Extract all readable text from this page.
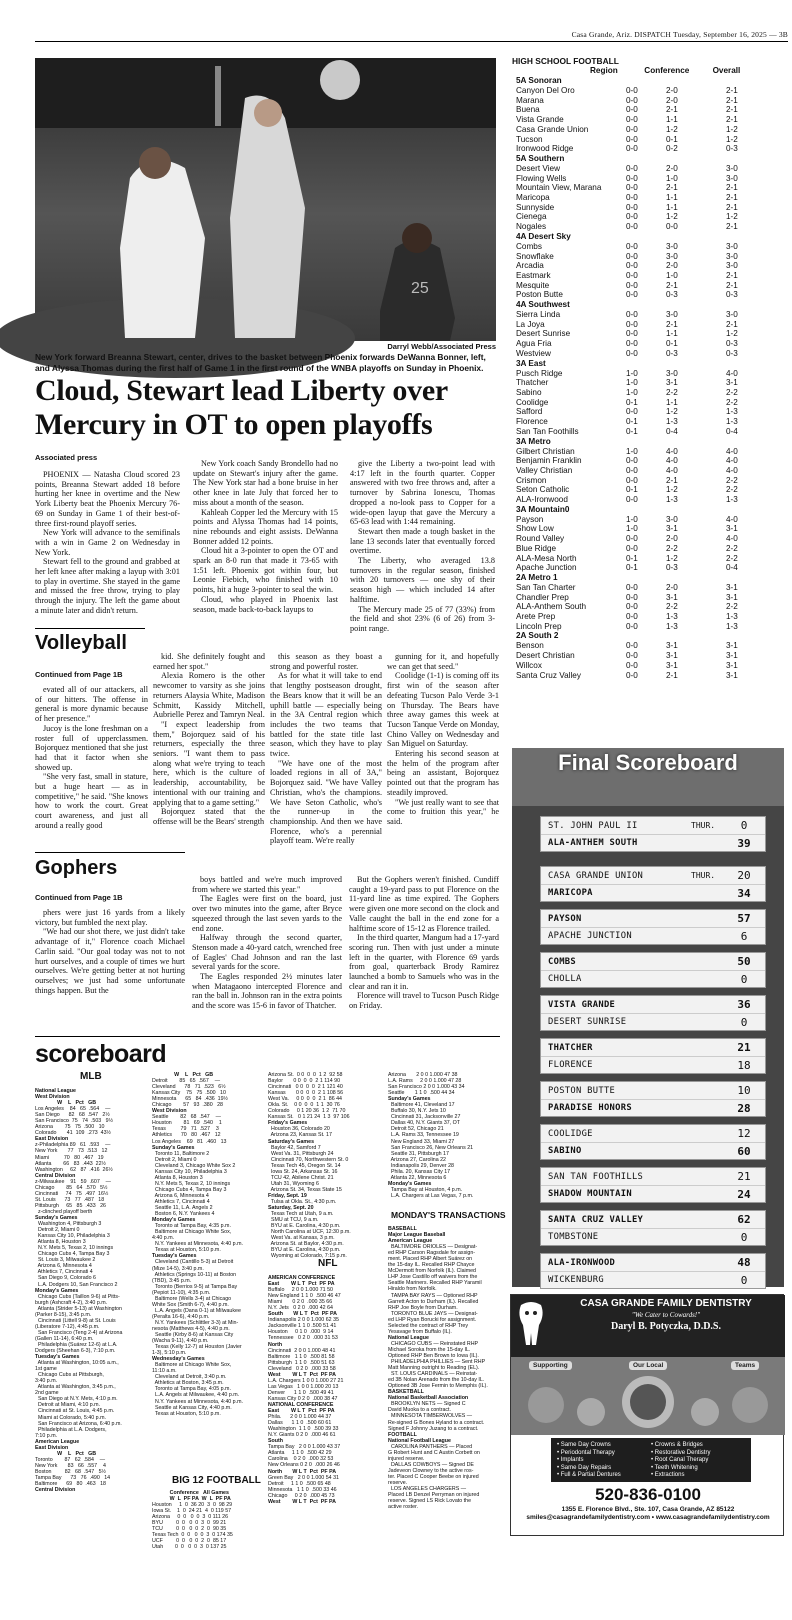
Casa Grande, Ariz. DISPATCH Tuesday, September 16, 2025 — 3B
25
Darryl Webb/Associated Press
New York forward Breanna Stewart, center, drives to the basket between Phoenix forwards DeWanna Bonner, left, and Alyssa Thomas during the first half of Game 1 in the first round of the WNBA playoffs on Sunday in Phoenix.
Cloud, Stewart lead Liberty over Mercury in OT to open playoffs
Associated press

PHOENIX — Natasha Cloud scored 23 points, Breanna Stewart added 18 before hurting her knee in overtime and the New York Liberty beat the Phoenix Mercury 76-69 on Sunday in Game 1 of their best-of-three first-round playoff series.

New York will advance to the semifinals with a win in Game 2 on Wednesday in New York.

Stewart fell to the ground and grabbed at her left knee after making a layup with 3:01 to play in overtime. She stayed in the game and missed the free throw, trying to play through the injury. The left the game about a minute later and didn't return.

New York coach Sandy Brondello had no update on Stewart's injury after the game. The New York star had a bone bruise in her other knee in late July that forced her to miss about a month of the season.

Kahleah Copper led the Mercury with 15 points and Alyssa Thomas had 14 points, nine rebounds and eight assists. DeWanna Bonner added 12 points.

Cloud hit a 3-pointer to open the OT and spark an 8-0 run that made it 73-65 with 1:51 left. Phoenix got within four, but Leonie Fiebich, who finished with 10 points, hit a huge 3-pointer to seal the win.

Cloud, who played in Phoenix last season, made back-to-back layups to

give the Liberty a two-point lead with 4:17 left in the fourth quarter. Copper answered with two free throws and, after a turnover by Sabrina Ionescu, Thomas dropped a no-look pass to Copper for a wide-open layup that gave the Mercury a 65-63 lead with 1:44 remaining.

Stewart then made a tough basket in the lane 13 seconds later that eventually forced overtime.

The Liberty, who averaged 13.8 turnovers in the regular season, finished with 20 turnovers — one shy of their season high — which included 14 after halftime.

The Mercury made 25 of 77 (33%) from the field and shot 23% (6 of 26) from 3-point range.

Volleyball
Continued from Page 1B

evated all of our attackers, all of our hitters. The offense in general is more dynamic because of her presence."

Jucoy is the lone freshman on a roster full of upperclassmen. Bojorquez mentioned that she just had that it factor when she showed up.

"She very fast, small in stature, but a huge heart — as in competitive," he said. "She knows how to work the court. Great court awareness, and just all around a really good

kid. She definitely fought and earned her spot."

Alexia Romero is the other newcomer to varsity as she joins returners Alaysia White, Madison Schmitt, Kassidy Mitchell, Aubrielle Perez and Tamryn Neal.

"I expect leadership from them," Bojorquez said of his returners, especially the three seniors. "I want them to pass along what we're trying to teach here, which is the culture of leadership, accountability, be intentional with our training and applying that to a game setting."

Bojorquez stated that the offense will be the Bears' strength

this season as they boast a strong and powerful roster.

As for what it will take to end that lengthy postseason drought, the Bears know that it will be an uphill battle — especially being in the 3A Central region which includes the two teams that battled for the state title last season, which they have to play twice.

"We have one of the most loaded regions in all of 3A," Bojorquez said. "We have Valley Christian, who's the champions. We have Seton Catholic, who's the runner-up in the championship. And then we have Florence, who's a perennial playoff team. We're really

gunning for it, and hopefully we can get that seed."

Coolidge (1-1) is coming off its first win of the season after defeating Tucson Palo Verde 3-1 on Thursday. The Bears have three away games this week at Tucson Tanque Verde on Monday, Chino Valley on Wednesday and San Miguel on Saturday.

Entering his second season at the helm of the program after being an assistant, Bojorquez pointed out that the program has steadily improved.

"We just really want to see that come to fruition this year," he said.

Gophers
Continued from Page 1B

phers were just 16 yards from a likely victory, but fumbled the next play.

"We had our shot there, we just didn't take advantage of it," Florence coach Michael Carlin said. "Our goal today was not to not hurt ourselves, and a couple of times we hurt ourselves. We're getting better at not hurting ourselves; we just had some unfortunate things happen. But the

boys battled and we're much improved from where we started this year."

The Eagles were first on the board, just over two minutes into the game, after Bryce squeezed through the last seven yards to the end zone.

Halfway through the second quarter, Stenson made a 40-yard catch, wrenched free of Eagles' Chad Johnson and ran the last several yards for the score.

The Eagles responded 2½ minutes later when Matagaono intercepted Florence and ran the ball in. Johnson ran in the extra points and the score was 15-6 in favor of Thatcher.

But the Gophers weren't finished. Cundiff caught a 19-yard pass to put Florence on the 11-yard line as time expired. The Gophers were given one more second on the clock and Valle caught the ball in the end zone for a halftime score of 15-12 as Florence trailed.

In the third quarter, Mangum had a 17-yard scoring run. Then with just under a minute left in the quarter, with Florence 69 yards from goal, quarterback Brody Ramirez launched a bomb to Samuels who was in the clear and ran it in.

Florence will travel to Tucson Pusch Ridge on Friday.

HIGH SCHOOL FOOTBALL
Region	Conference	Overall
5A Sonoran
Canyon Del Oro	0-0	2-0	2-1
Marana	0-0	2-0	2-1
Buena	0-0	2-1	2-1
Vista Grande	0-0	1-1	2-1
Casa Grande Union	0-0	1-2	1-2
Tucson	0-0	0-1	1-2
Ironwood Ridge	0-0	0-2	0-3
5A Southern
Desert View	0-0	2-0	3-0
Flowing Wells	0-0	1-0	3-0
Mountain View, Marana	0-0	2-1	2-1
Maricopa	0-0	1-1	2-1
Sunnyside	0-0	1-1	2-1
Cienega	0-0	1-2	1-2
Nogales	0-0	0-0	2-1
4A Desert Sky
Combs	0-0	3-0	3-0
Snowflake	0-0	3-0	3-0
Arcadia	0-0	2-0	3-0
Eastmark	0-0	1-0	2-1
Mesquite	0-0	2-1	2-1
Poston Butte	0-0	0-3	0-3
4A Southwest
Sierra Linda	0-0	3-0	3-0
La Joya	0-0	2-1	2-1
Desert Sunrise	0-0	1-1	1-2
Agua Fria	0-0	0-1	0-3
Westview	0-0	0-3	0-3
3A East
Pusch Ridge	1-0	3-0	4-0
Thatcher	1-0	3-1	3-1
Sabino	1-0	2-2	2-2
Coolidge	0-1	1-1	2-2
Safford	0-0	1-2	1-3
Florence	0-1	1-3	1-3
San Tan Foothills	0-1	0-4	0-4
3A Metro
Gilbert Christian	1-0	4-0	4-0
Benjamin Franklin	0-0	4-0	4-0
Valley Christian	0-0	4-0	4-0
Crismon	0-0	2-1	2-2
Seton Catholic	0-1	1-2	2-2
ALA-Ironwood	0-0	1-3	1-3
3A Mountain0
Payson	1-0	3-0	4-0
Show Low	1-0	3-1	3-1
Round Valley	0-0	2-0	4-0
Blue Ridge	0-0	2-2	2-2
ALA-Mesa North	0-1	1-2	2-2
Apache Junction	0-1	0-3	0-4
2A Metro 1
San Tan Charter	0-0	2-0	3-1
Chandler Prep	0-0	3-1	3-1
ALA-Anthem South	0-0	2-2	2-2
Arete Prep	0-0	1-3	1-3
Lincoln Prep	0-0	1-3	1-3
2A South 2
Benson	0-0	3-1	3-1
Desert Christian	0-0	3-1	3-1
Willcox	0-0	3-1	3-1
Santa Cruz Valley	0-0	2-1	3-1
Final Scoreboard
ST. JOHN PAUL II	THUR.	0
ALA-ANTHEM SOUTH	39
CASA GRANDE UNION	THUR.	20
MARICOPA	34
PAYSON	57
APACHE JUNCTION	6
COMBS	50
CHOLLA	0
VISTA GRANDE	36
DESERT SUNRISE	0
THATCHER	21
FLORENCE	18
POSTON BUTTE	10
PARADISE HONORS	28
COOLIDGE	12
SABINO	60
SAN TAN FOOTHILLS	21
SHADOW MOUNTAIN	24
SANTA CRUZ VALLEY	62
TOMBSTONE	0
ALA-IRONWOOD	48
WICKENBURG	0
scoreboard
MLB
National League
West Division
W    L   Pct   GB
Los Angeles    84   65  .564    —
San Diego      82   68  .547   2½
San Francisco  75   74  .503   9½
Arizona        75   75  .500   10
Colorado       41  109  .273  43½
East Division
z-Philadelphia 89   61  .593    —
New York       77   73  .513   12
Miami          70   80  .467   19
Atlanta        66   83  .443  22½
Washington     62   87  .416  26½
Central Division
z-Milwaukee    91   59  .607    —
Chicago        85   64  .570   5½
Cincinnati     74   75  .497  16½
St. Louis      73   77  .487   18
Pittsburgh     65   85  .433   26
z-clinched playoff berth
Sunday's Games
Washington 4, Pittsburgh 3
Detroit 2, Miami 0
Kansas City 10, Philadelphia 3
Atlanta 8, Houston 3
N.Y. Mets 5, Texas 2, 10 innings
Chicago Cubs 4, Tampa Bay 3
St. Louis 3, Milwaukee 2
Arizona 6, Minnesota 4
Athletics 7, Cincinnati 4
San Diego 9, Colorado 6
L.A. Dodgers 10, San Francisco 2
Monday's Games
Chicago Cubs (Taillon 9-6) at Pitts-
burgh (Ashcraft 4-2), 3:40 p.m.
Atlanta (Strider 5-13) at Washington
(Parker 8-15), 3:45 p.m.
Cincinnati (Littell 9-8) at St. Louis
(Liberatore 7-12), 4:45 p.m.
San Francisco (Teng 2-4) at Arizona
(Gallen 11-14), 6:40 p.m.
Philadelphia (Suárez 12-6) at L.A.
Dodgers (Sheehan 6-3), 7:10 p.m.
Tuesday's Games
Atlanta at Washington, 10:05 a.m.,
1st game
Chicago Cubs at Pittsburgh,
3:40 p.m.
Atlanta at Washington, 3:45 p.m.,
2nd game
San Diego at N.Y. Mets, 4:10 p.m.
Detroit at Miami, 4:10 p.m.
Cincinnati at St. Louis, 4:45 p.m.
Miami at Colorado, 5:40 p.m.
San Francisco at Arizona, 6:40 p.m.
Philadelphia at L.A. Dodgers,
7:10 p.m.
American League
East Division
W    L   Pct   GB
Toronto        87   62  .584    —
New York       83   66  .557    4
Boston         82   68  .547   5½
Tampa Bay      73   76  .490   14
Baltimore      69   80  .463   18
Central Division
W    L   Pct   GB
Detroit        85   65  .567    —
Cleveland      78   71  .523   6½
Kansas City    75   75  .500   10
Minnesota      65   84  .436  19½
Chicago        57   93  .380   28
West Division
Seattle        82   68  .547    —
Houston        81   69  .540    1
Texas          79   71  .527    3
Athletics      70   80  .467   12
Los Angeles    69   81  .460   13
Sunday's Games
Toronto 11, Baltimore 2
Detroit 2, Miami 0
Cleveland 3, Chicago White Sox 2
Kansas City 10, Philadelphia 3
Atlanta 8, Houston 3
N.Y. Mets 5, Texas 2, 10 innings
Chicago Cubs 4, Tampa Bay 3
Arizona 6, Minnesota 4
Athletics 7, Cincinnati 4
Seattle 11, L.A. Angels 2
Boston 6, N.Y. Yankees 4
Monday's Games
Toronto at Tampa Bay, 4:35 p.m.
Baltimore at Chicago White Sox,
4:40 p.m.
N.Y. Yankees at Minnesota, 4:40 p.m.
Texas at Houston, 5:10 p.m.
Tuesday's Games
Cleveland (Cantillo 5-3) at Detroit
(Mize 14-5), 3:40 p.m.
Athletics (Springs 10-11) at Boston
(TBD), 3:45 p.m.
Toronto (Berrios 9-5) at Tampa Bay
(Pepiot 11-10), 4:35 p.m.
Baltimore (Wells 3-4) at Chicago
White Sox (Smith 6-7), 4:40 p.m.
L.A. Angels (Dana 0-1) at Milwaukee
(Peralta 16-6), 4:40 p.m.
N.Y. Yankees (Schlittler 3-3) at Min-
nesota (Matthews 4-5), 4:40 p.m.
Seattle (Kirby 8-6) at Kansas City
(Wacha 9-11), 4:40 p.m.
Texas (Kelly 12-7) at Houston (Javier
1-3), 5:10 p.m.
Wednesday's Games
Baltimore at Chicago White Sox,
11:10 a.m.
Cleveland at Detroit, 3:40 p.m.
Athletics at Boston, 3:45 p.m.
Toronto at Tampa Bay, 4:05 p.m.
L.A. Angels at Milwaukee, 4:40 p.m.
N.Y. Yankees at Minnesota, 4:40 p.m.
Seattle at Kansas City, 4:40 p.m.
Texas at Houston, 5:10 p.m.
BIG 12 FOOTBALL
Conference   All Games
W  L  PF PA  W  L  PF PA
Houston     1  0  36 20  3  0  98 29
Iowa St.    1  0  24 21  4  0 119 57
Arizona     0  0   0  0  3  0 111 26
BYU         0  0   0  0  3  0  99 21
TCU         0  0   0  0  2  0  90 35
Texas Tech  0  0   0  0  3  0 174 35
UCF         0  0   0  0  2  0  85 17
Utah        0  0   0  0  3  0 137 25
Arizona St.  0 0  0  0  1 2  92 58
Baylor       0 0  0  0  2 1 114 90
Cincinnati   0 0  0  0  2 1 121 40
Kansas       0 0  0  0  2 1 108 56
West Va.     0 0  0  0  2 1  86 44
Okla. St.    0 0  0  0  1 1  30 76
Colorado     0 1 20 36  1 2  71 70
Kansas St.   0 1 21 24  1 3  97 106
Friday's Games
Houston 36, Colorado 20
Arizona 23, Kansas St. 17
Saturday's Games
Baylor 42, Samford 7
West Va. 31, Pittsburgh 24
Cincinnati 70, Northwestern St. 0
Texas Tech 45, Oregon St. 14
Iowa St. 24, Arkansas St. 16
TCU 42, Abilene Christ. 21
Utah 31, Wyoming 6
Arizona St. 34, Texas State 15
Friday, Sept. 19
Tulsa at Okla. St., 4:30 p.m.
Saturday, Sept. 20
Texas Tech at Utah, 9 a.m.
SMU at TCU, 9 a.m.
BYU at E. Carolina, 4:30 p.m.
North Carolina at UCF, 12:30 p.m.
West Va. at Kansas, 3 p.m.
Arizona St. at Baylor, 4:30 p.m.
BYU at E. Carolina, 4:30 p.m.
Wyoming at Colorado, 7:15 p.m.
NFL
AMERICAN CONFERENCE
East        W L T  Pct  PF PA
Buffalo     2 0 0 1.000 71 50
New England 1 1 0  .500 46 47
Miami       0 2 0  .000 35 66
N.Y. Jets   0 2 0  .000 42 64
South       W L T  Pct  PF PA
Indianapolis 2 0 0 1.000 62 35
Jacksonville 1 1 0 .500 51 41
Houston     0 1 0  .000  9 14
Tennessee   0 2 0  .000 31 53
North
Cincinnati  2 0 0 1.000 48 41
Baltimore   1 1 0  .500 81 58
Pittsburgh  1 1 0  .500 51 63
Cleveland   0 2 0  .000 33 58
West        W L T  Pct  PF PA
L.A. Chargers 1 0 0 1.000 27 21
Las Vegas   1 0 0 1.000 20 13
Denver      1 1 0  .500 49 41
Kansas City 0 2 0  .000 38 47
NATIONAL CONFERENCE
East        W L T  Pct  PF PA
Phila.      2 0 0 1.000 44 37
Dallas      1 1 0  .500 60 61
Washington  1 1 0  .500 39 33
N.Y. Giants 0 2 0  .000 46 61
South
Tampa Bay   2 0 0 1.000 43 37
Atlanta     1 1 0  .500 42 29
Carolina    0 2 0  .000 32 53
New Orleans 0 2 0  .000 26 46
North       W L T  Pct  PF PA
Green Bay   2 0 0 1.000 54 31
Detroit     1 1 0  .500 65 48
Minnesota   1 1 0  .500 33 46
Chicago     0 2 0  .000 45 73
West        W L T  Pct  PF PA
Arizona       2 0 0 1.000 47 38
L.A. Rams     2 0 0 1.000 47 28
San Francisco 2 0 0 1.000 43 34
Seattle       1 1 0  .500 44 34
Sunday's Games
Baltimore 41, Cleveland 17
Buffalo 30, N.Y. Jets 10
Cincinnati 31, Jacksonville 27
Dallas 40, N.Y. Giants 37, OT
Detroit 52, Chicago 21
L.A. Rams 33, Tennessee 19
New England 33, Miami 27
San Francisco 26, New Orleans 21
Seattle 31, Pittsburgh 17
Arizona 27, Carolina 22
Indianapolis 29, Denver 28
Phila. 20, Kansas City 17
Atlanta 22, Minnesota 6
Monday's Games
Tampa Bay at Houston, 4 p.m.
L.A. Chargers at Las Vegas, 7 p.m.
MONDAY'S TRANSACTIONS
BASEBALL
Major League Baseball
American League
BALTIMORE ORIOLES — Designat-
ed RHP Carson Ragsdale for assign-
ment. Placed RHP Albert Suárez on
the 15-day IL. Recalled RHP Chayce
McDermott from Norfolk (IL). Claimed
LHP Jose Castillo off waivers from the
Seattle Mariners. Recalled RHP Yaramil
Hiraldo from Norfolk.
TAMPA BAY RAYS — Optioned RHP
Garrett Acton to Durham (IL). Recalled
RHP Joe Boyle from Durham.
TORONTO BLUE JAYS — Designat-
ed LHP Ryan Borucki for assignment.
Selected the contract of RHP Trey
Yesavage from Buffalo (IL).
National League
CHICAGO CUBS — Reinstated RHP
Michael Soroka from the 15-day IL.
Optioned RHP Ben Brown to Iowa (IL).
PHILADELPHIA PHILLIES — Sent RHP
Matt Manning outright to Reading (EL).
ST. LOUIS CARDINALS — Reinstat-
ed 3B Nolan Arenado from the 10-day IL.
Optioned 3B Jose Fermin to Memphis (IL).
BASKETBALL
National Basketball Association
BROOKLYN NETS — Signed C
David Muoka to a contract.
MINNESOTA TIMBERWOLVES —
Re-signed G Bones Hyland to a contract.
Signed F Johnny Juzang to a contract.
FOOTBALL
National Football League
CAROLINA PANTHERS — Placed
G Robert Hunt and C Austin Corbett on
injured reserve.
DALLAS COWBOYS — Signed DE
Jadeveon Clowney to the active ros-
ter. Placed C Cooper Beebe on injured
reserve.
LOS ANGELES CHARGERS —
Placed LB Denzel Perryman on injured
reserve. Signed LS Rick Lovato the
active roster.
CASA GRANDE FAMILY DENTISTRY
"We Cater to Cowards!"
Daryl B. Potyczka, D.D.S.
Supporting	Our Local	Teams
• Same Day Crowns
• Periodontal Therapy
• Implants
• Same Day Repairs
• Full & Partial Dentures
• Crowns & Bridges
• Restorative Dentistry
• Root Canal Therapy
• Teeth Whitening
• Extractions
520-836-0100
1355 E. Florence Blvd., Ste. 107, Casa Grande, AZ 85122
smiles@casagrandefamilydentistry.com • www.casagrandefamilydentistry.com
